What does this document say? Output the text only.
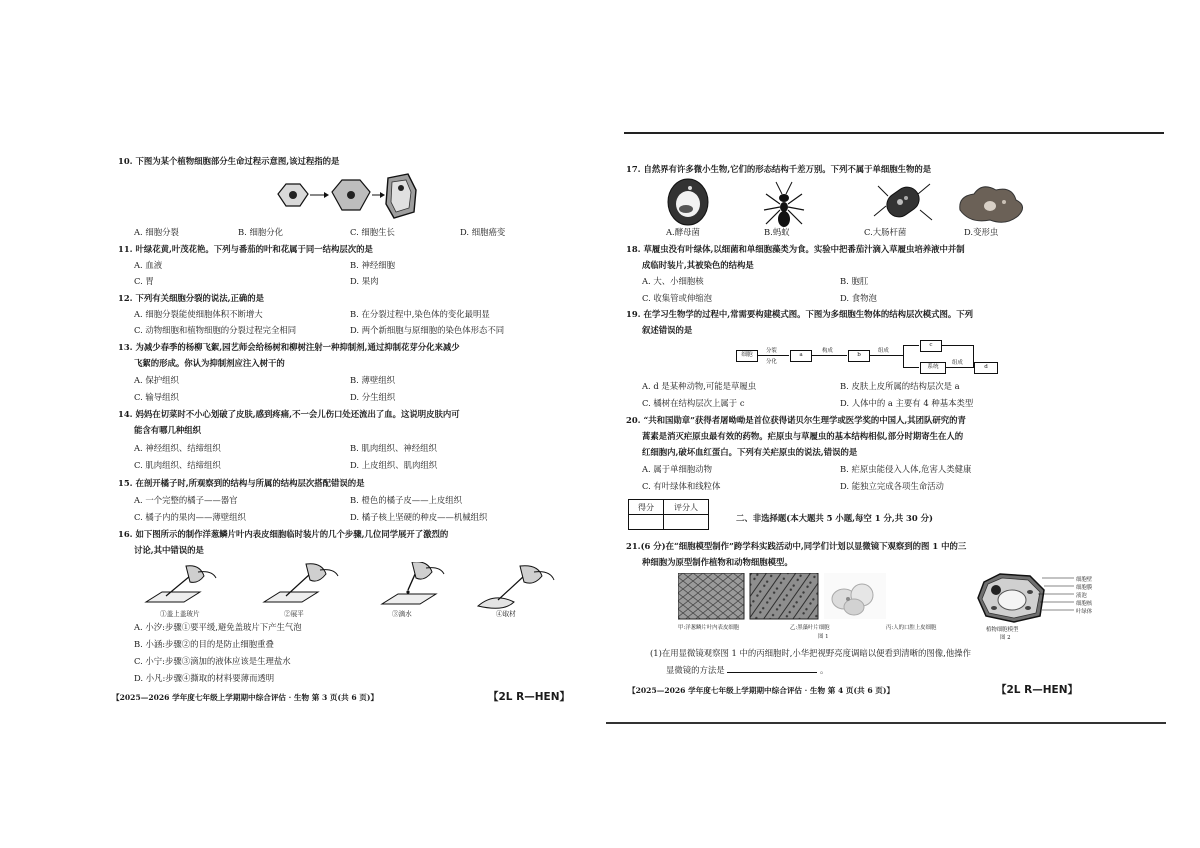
10. 下图为某个植物细胞部分生命过程示意图,该过程指的是
A. 细胞分裂	B. 细胞分化	C. 细胞生长	D. 细胞癌变
11. 叶绿花黄,叶茂花艳。下列与番茄的叶和花属于同一结构层次的是
A. 血液	B. 神经细胞
C. 胃	D. 果肉
12. 下列有关细胞分裂的说法,正确的是
A. 细胞分裂能使细胞体积不断增大	B. 在分裂过程中,染色体的变化最明显
C. 动物细胞和植物细胞的分裂过程完全相同	D. 两个新细胞与原细胞的染色体形态不同
13. 为减少春季的杨柳飞絮,园艺师会给杨树和柳树注射一种抑制剂,通过抑制花芽分化来减少
飞絮的形成。你认为抑制剂应注入树干的
A. 保护组织	B. 薄壁组织
C. 输导组织	D. 分生组织
14. 妈妈在切菜时不小心划破了皮肤,感到疼痛,不一会儿伤口处还流出了血。这说明皮肤内可
能含有哪几种组织
A. 神经组织、结缔组织	B. 肌肉组织、神经组织
C. 肌肉组织、结缔组织	D. 上皮组织、肌肉组织
15. 在剖开橘子时,所观察到的结构与所属的结构层次搭配错误的是
A. 一个完整的橘子——器官	B. 橙色的橘子皮——上皮组织
C. 橘子内的果肉——薄壁组织	D. 橘子核上坚硬的种皮——机械组织
16. 如下图所示的制作洋葱鳞片叶内表皮细胞临时装片的几个步骤,几位同学展开了激烈的
讨论,其中错误的是
①盖上盖玻片	②展平	③滴水	④取材
A. 小汐:步骤①要平缓,避免盖玻片下产生气泡
B. 小涵:步骤②的目的是防止细胞重叠
C. 小宁:步骤③滴加的液体应该是生理盐水
D. 小凡:步骤④撕取的材料要薄而透明
【2025—2026 学年度七年级上学期期中综合评估 · 生物 第 3 页(共 6 页)】	【2L R—HEN】
17. 自然界有许多微小生物,它们的形态结构千差万别。下列不属于单细胞生物的是
A.酵母菌	B.蚂蚁	C.大肠杆菌	D.变形虫
18. 草履虫没有叶绿体,以细菌和单细胞藻类为食。实验中把番茄汁滴入草履虫培养液中并制
成临时装片,其被染色的结构是
A. 大、小细胞核	B. 胞肛
C. 收集管或伸缩泡	D. 食物泡
19. 在学习生物学的过程中,常需要构建模式图。下图为多细胞生物体的结构层次模式图。下列
叙述错误的是
细胞
分裂
分化
a
构成
b
组成
c
系统
组成
d
A. d 是某种动物,可能是草履虫	B. 皮肤上皮所属的结构层次是 a
C. 橘树在结构层次上属于 c	D. 人体中的 a 主要有 4 种基本类型
20. “共和国勋章”获得者屠呦呦是首位获得诺贝尔生理学或医学奖的中国人,其团队研究的青
蒿素是消灭疟原虫最有效的药物。疟原虫与草履虫的基本结构相似,部分时期寄生在人的
红细胞内,破坏血红蛋白。下列有关疟原虫的说法,错误的是
A. 属于单细胞动物	B. 疟原虫能侵入人体,危害人类健康
C. 有叶绿体和线粒体	D. 能独立完成各项生命活动
得分	评分人

二、非选择题(本大题共 5 小题,每空 1 分,共 30 分)
21.(6 分)在“细胞模型制作”跨学科实践活动中,同学们计划以显微镜下观察到的图 1 中的三
种细胞为原型制作植物和动物细胞模型。
甲:洋葱鳞片叶内表皮细胞	乙:黑藻叶片细胞	丙:人的口腔上皮细胞
图 1
细胞壁
细胞膜
液泡
细胞核
叶绿体
植物细胞模型
图 2
(1)在用显微镜观察图 1 中的丙细胞时,小华把视野亮度调暗以便看到清晰的图像,他操作
显微镜的方法是	。
【2025—2026 学年度七年级上学期期中综合评估 · 生物 第 4 页(共 6 页)】	【2L R—HEN】
